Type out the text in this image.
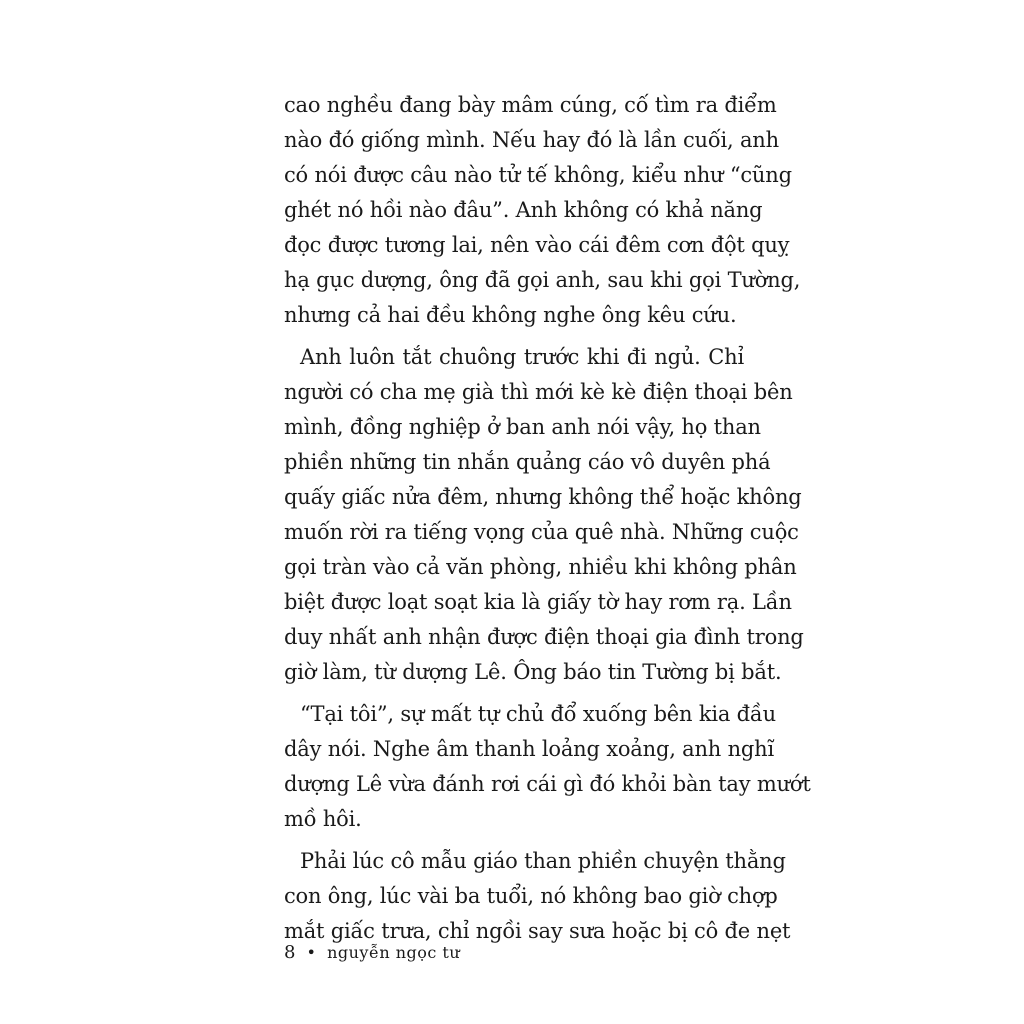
cao nghều đang bày mâm cúng, cố tìm ra điểm
nào đó giống mình. Nếu hay đó là lần cuối, anh
có nói được câu nào tử tế không, kiểu như “cũng
ghét nó hồi nào đâu”. Anh không có khả năng
đọc được tương lai, nên vào cái đêm cơn đột quỵ
hạ gục dượng, ông đã gọi anh, sau khi gọi Tường,
nhưng cả hai đều không nghe ông kêu cứu.
Anh luôn tắt chuông trước khi đi ngủ. Chỉ
người có cha mẹ già thì mới kè kè điện thoại bên
mình, đồng nghiệp ở ban anh nói vậy, họ than
phiền những tin nhắn quảng cáo vô duyên phá
quấy giấc nửa đêm, nhưng không thể hoặc không
muốn rời ra tiếng vọng của quê nhà. Những cuộc
gọi tràn vào cả văn phòng, nhiều khi không phân
biệt được loạt soạt kia là giấy tờ hay rơm rạ. Lần
duy nhất anh nhận được điện thoại gia đình trong
giờ làm, từ dượng Lê. Ông báo tin Tường bị bắt.
“Tại tôi”, sự mất tự chủ đổ xuống bên kia đầu
dây nói. Nghe âm thanh loảng xoảng, anh nghĩ
dượng Lê vừa đánh rơi cái gì đó khỏi bàn tay mướt
mồ hôi.
Phải lúc cô mẫu giáo than phiền chuyện thằng
con ông, lúc vài ba tuổi, nó không bao giờ chợp
mắt giấc trưa, chỉ ngồi say sưa hoặc bị cô đe nẹt
8 • nguyễn ngọc tư
